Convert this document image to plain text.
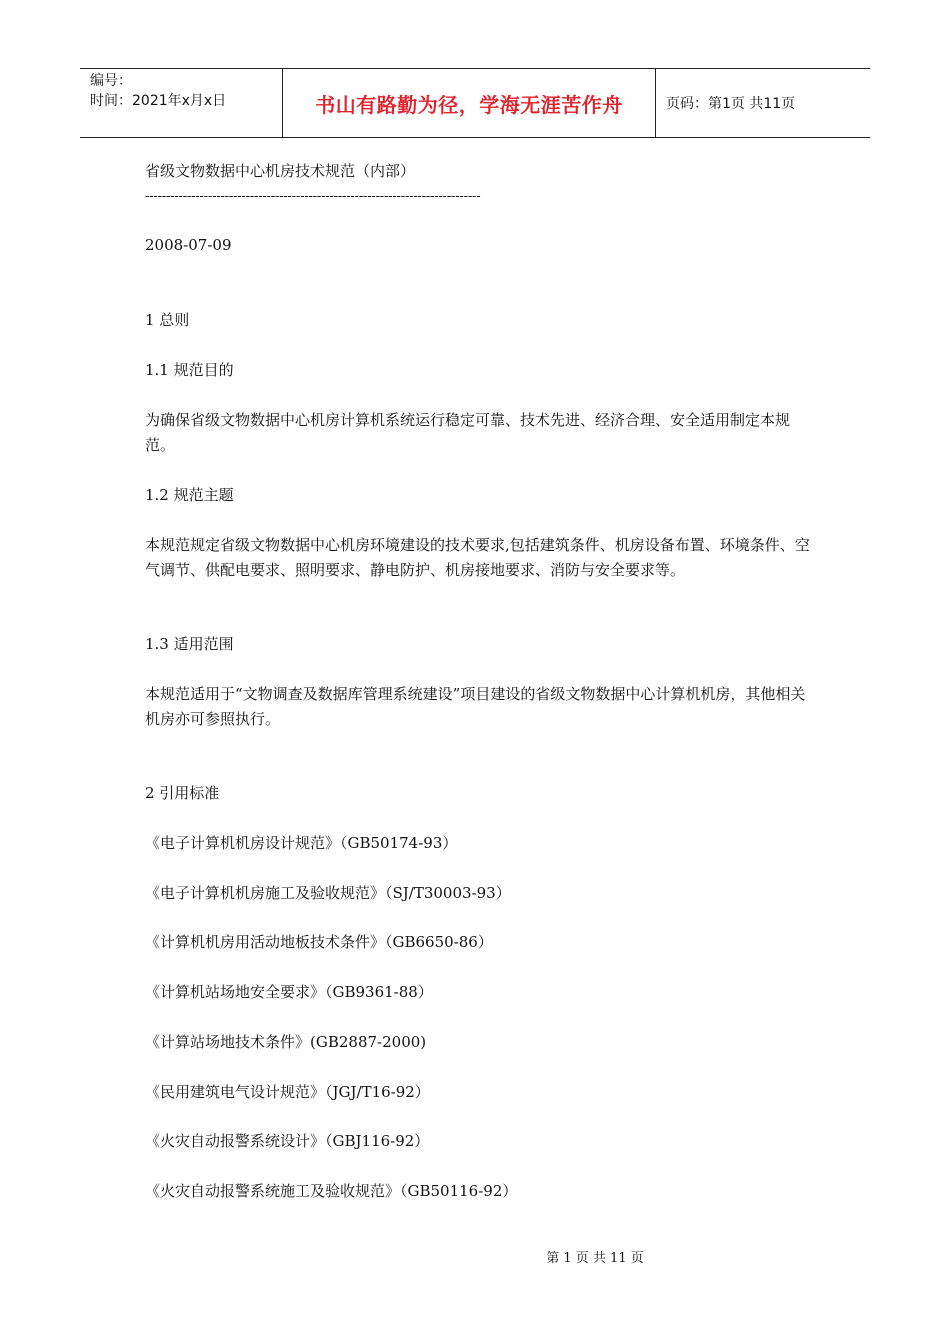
编号：
时间：2021年x月x日	书山有路勤为径，学海无涯苦作舟	页码：第1页 共11页
省级文物数据中心机房技术规范（内部）
--------------------------------------------------------------------------------
2008-07-09
1 总则
1.1 规范目的
为确保省级文物数据中心机房计算机系统运行稳定可靠、技术先进、经济合理、安全适用制定本规范。
1.2 规范主题
本规范规定省级文物数据中心机房环境建设的技术要求,包括建筑条件、机房设备布置、环境条件、空气调节、供配电要求、照明要求、静电防护、机房接地要求、消防与安全要求等。
1.3 适用范围
本规范适用于“文物调查及数据库管理系统建设”项目建设的省级文物数据中心计算机机房，其他相关机房亦可参照执行。
2 引用标准
《电子计算机机房设计规范》（GB50174-93）
《电子计算机机房施工及验收规范》（SJ/T30003-93）
《计算机机房用活动地板技术条件》（GB6650-86）
《计算机站场地安全要求》（GB9361-88）
《计算站场地技术条件》(GB2887-2000)
《民用建筑电气设计规范》（JGJ/T16-92）
《火灾自动报警系统设计》（GBJ116-92）
《火灾自动报警系统施工及验收规范》（GB50116-92）
第 1 页 共 11 页
